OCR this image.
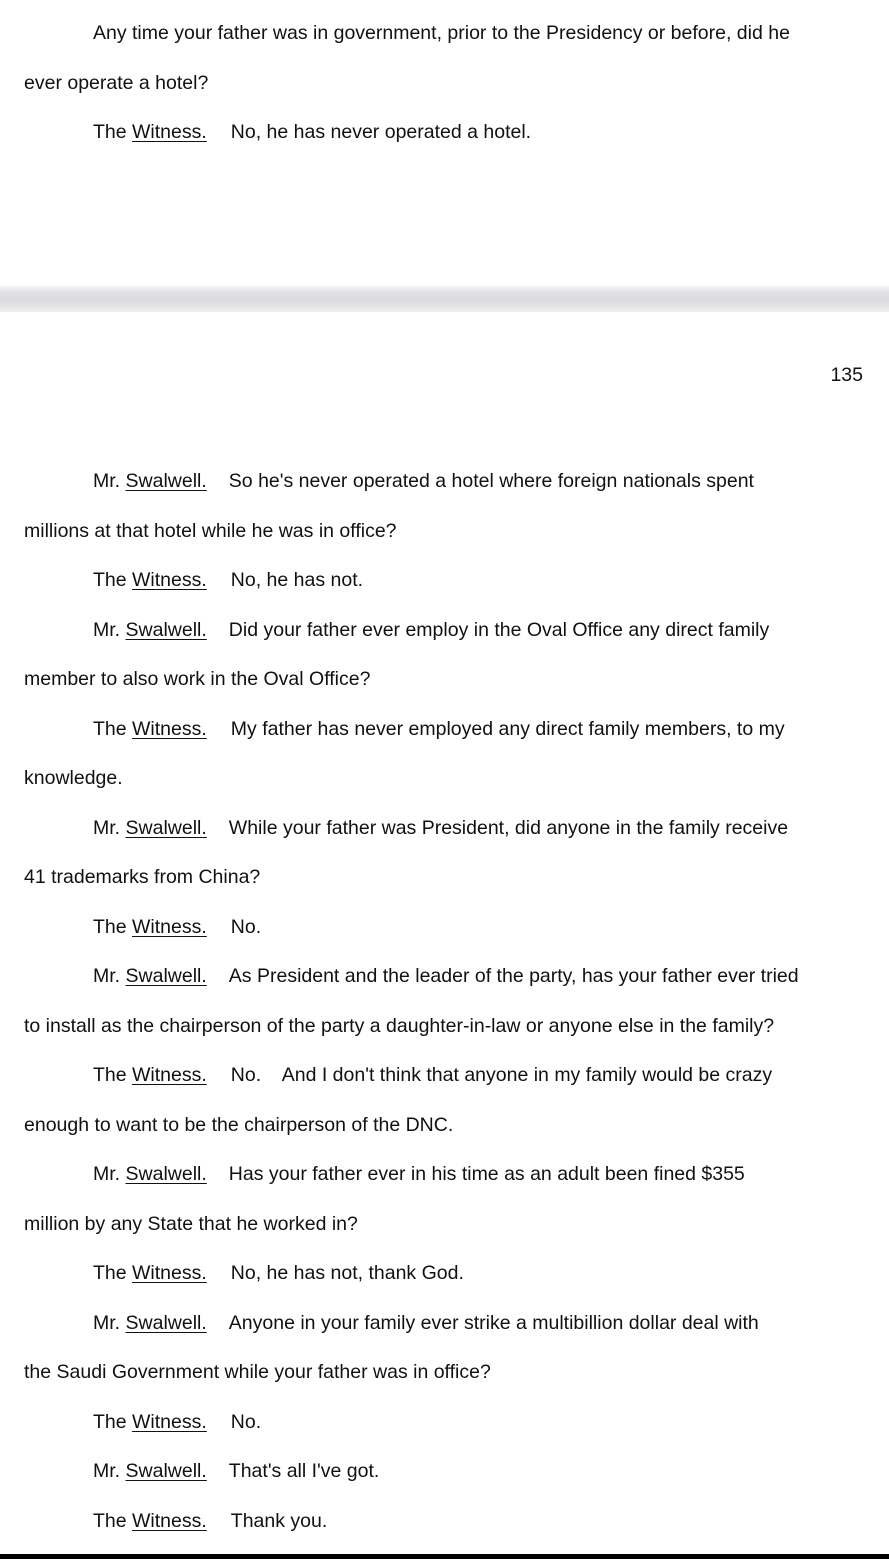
Any time your father was in government, prior to the Presidency or before, did he
ever operate a hotel?
The Witness. No, he has never operated a hotel.
135
Mr. Swalwell. So he's never operated a hotel where foreign nationals spent
millions at that hotel while he was in office?
The Witness. No, he has not.
Mr. Swalwell. Did your father ever employ in the Oval Office any direct family
member to also work in the Oval Office?
The Witness. My father has never employed any direct family members, to my
knowledge.
Mr. Swalwell. While your father was President, did anyone in the family receive
41 trademarks from China?
The Witness. No.
Mr. Swalwell. As President and the leader of the party, has your father ever tried
to install as the chairperson of the party a daughter-in-law or anyone else in the family?
The Witness. No.    And I don't think that anyone in my family would be crazy
enough to want to be the chairperson of the DNC.
Mr. Swalwell. Has your father ever in his time as an adult been fined $355
million by any State that he worked in?
The Witness. No, he has not, thank God.
Mr. Swalwell. Anyone in your family ever strike a multibillion dollar deal with
the Saudi Government while your father was in office?
The Witness. No.
Mr. Swalwell. That's all I've got.
The Witness. Thank you.
